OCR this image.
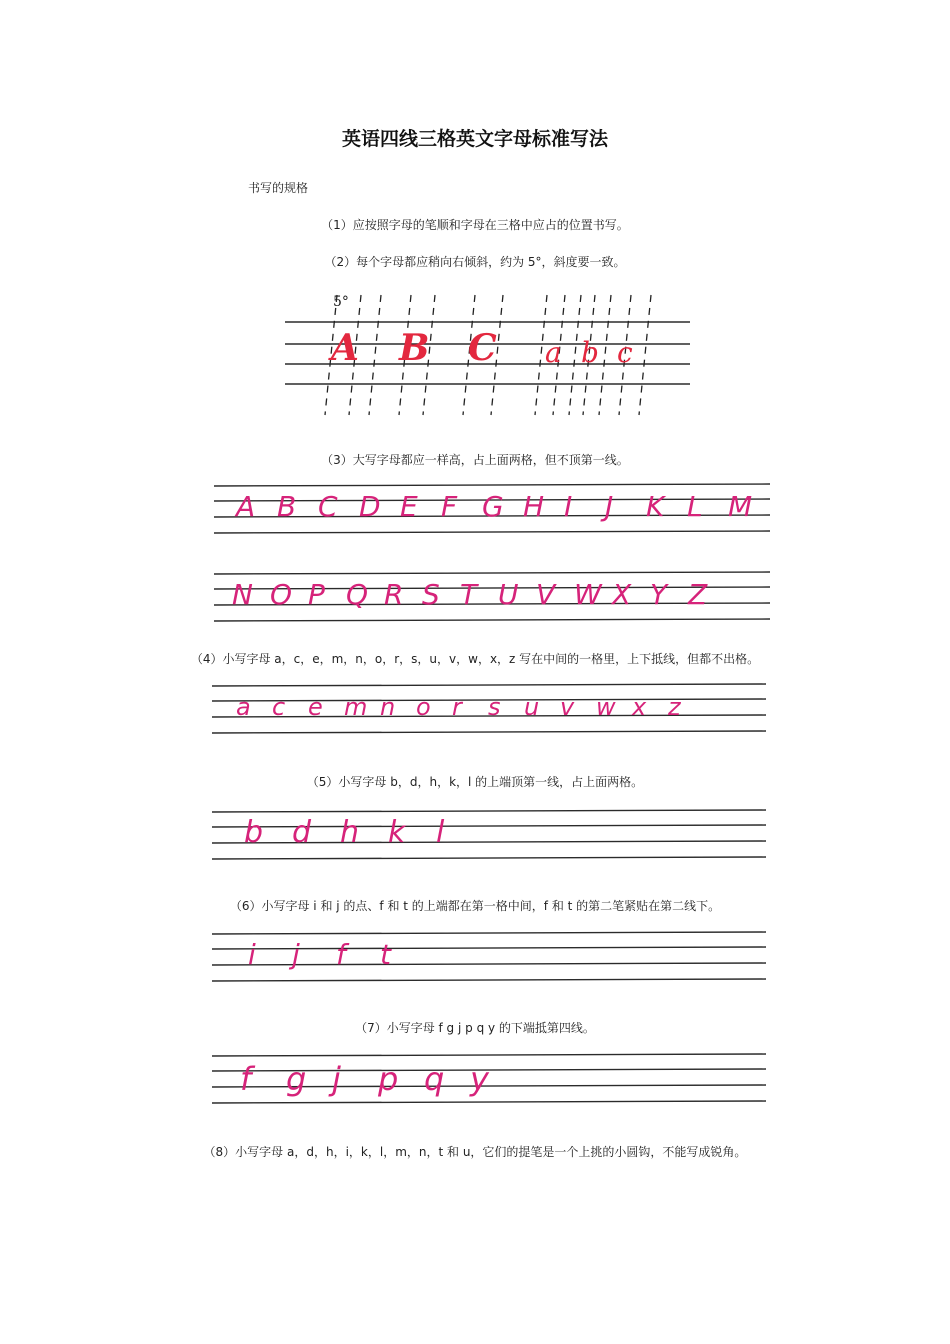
英语四线三格英文字母标准写法
书写的规格
（1）应按照字母的笔顺和字母在三格中应占的位置书写。
（2）每个字母都应稍向右倾斜，约为 5°，斜度要一致。
5°
A B C a b c
（3）大写字母都应一样高，占上面两格，但不顶第一线。
A B C D E F G H I J K L M
N O P Q R S T U V W X Y Z
（4）小写字母 a，c，e，m，n，o，r，s，u，v，w，x，z 写在中间的一格里，上下抵线，但都不出格。
a c e m n o r s u v w x z
（5）小写字母 b，d，h，k，l 的上端顶第一线，占上面两格。
b d h k l
（6）小写字母 i 和 j 的点、f 和 t 的上端都在第一格中间，f 和 t 的第二笔紧贴在第二线下。
i j f t
（7）小写字母 f g j p q y 的下端抵第四线。
f g j p q y
（8）小写字母 a，d，h，i，k，l，m，n，t 和 u，它们的提笔是一个上挑的小圆钩，不能写成锐角。
